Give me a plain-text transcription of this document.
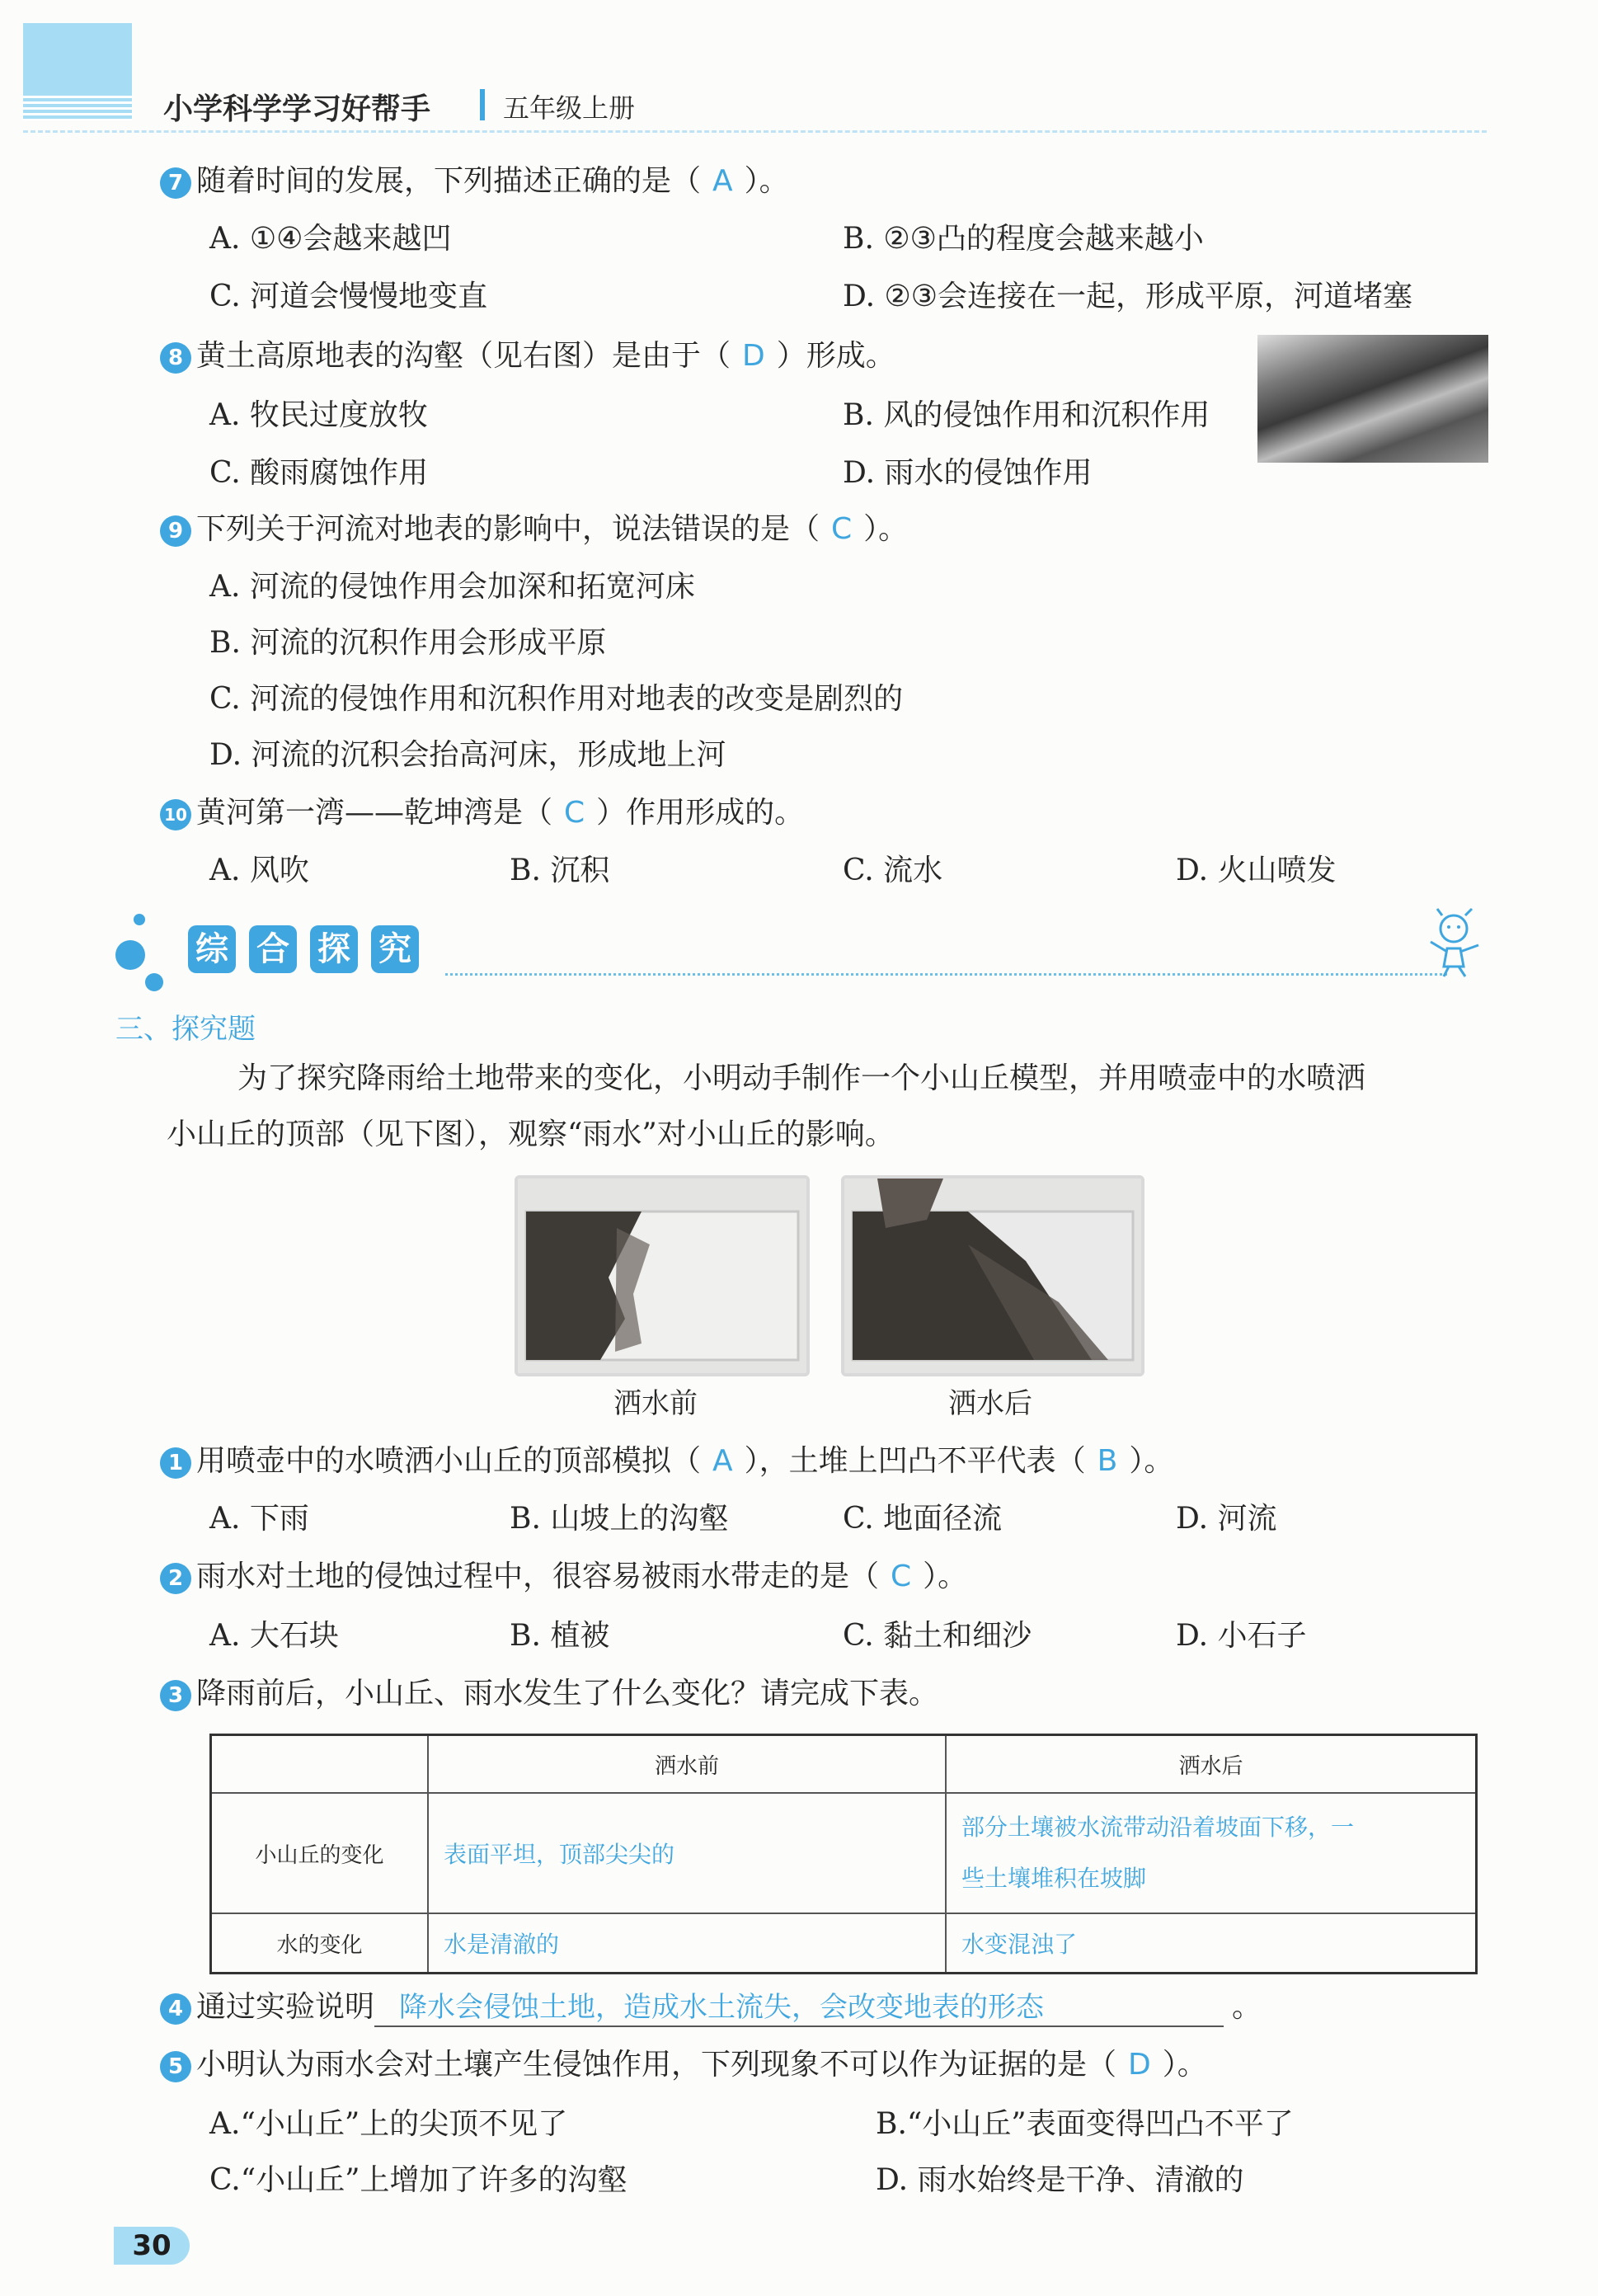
小学科学学习好帮手	五年级上册
7 随着时间的发展，下列描述正确的是（ A ）。
A. ①④会越来越凹	B. ②③凸的程度会越来越小
C. 河道会慢慢地变直	D. ②③会连接在一起，形成平原，河道堵塞
8 黄土高原地表的沟壑（见右图）是由于（ D ）形成。
A. 牧民过度放牧	B. 风的侵蚀作用和沉积作用
C. 酸雨腐蚀作用	D. 雨水的侵蚀作用
9 下列关于河流对地表的影响中，说法错误的是（ C ）。
A. 河流的侵蚀作用会加深和拓宽河床
B. 河流的沉积作用会形成平原
C. 河流的侵蚀作用和沉积作用对地表的改变是剧烈的
D. 河流的沉积会抬高河床，形成地上河
10 黄河第一湾——乾坤湾是（ C ）作用形成的。
A. 风吹	B. 沉积	C. 流水	D. 火山喷发
综 合 探 究
三、探究题
为了探究降雨给土地带来的变化，小明动手制作一个小山丘模型，并用喷壶中的水喷洒
小山丘的顶部（见下图），观察“雨水”对小山丘的影响。
洒水前	洒水后
1 用喷壶中的水喷洒小山丘的顶部模拟（ A ），土堆上凹凸不平代表（ B ）。
A. 下雨	B. 山坡上的沟壑	C. 地面径流	D. 河流
2 雨水对土地的侵蚀过程中，很容易被雨水带走的是（ C ）。
A. 大石块	B. 植被	C. 黏土和细沙	D. 小石子
3 降雨前后，小山丘、雨水发生了什么变化？请完成下表。
	洒水前	洒水后
小山丘的变化	表面平坦，顶部尖尖的	部分土壤被水流带动沿着坡面下移，一
些土壤堆积在坡脚
水的变化	水是清澈的	水变混浊了
4 通过实验说明 降水会侵蚀土地，造成水土流失，会改变地表的形态	。
5 小明认为雨水会对土壤产生侵蚀作用，下列现象不可以作为证据的是（ D ）。
A.“小山丘”上的尖顶不见了	B.“小山丘”表面变得凹凸不平了
C.“小山丘”上增加了许多的沟壑	D. 雨水始终是干净、清澈的
30
